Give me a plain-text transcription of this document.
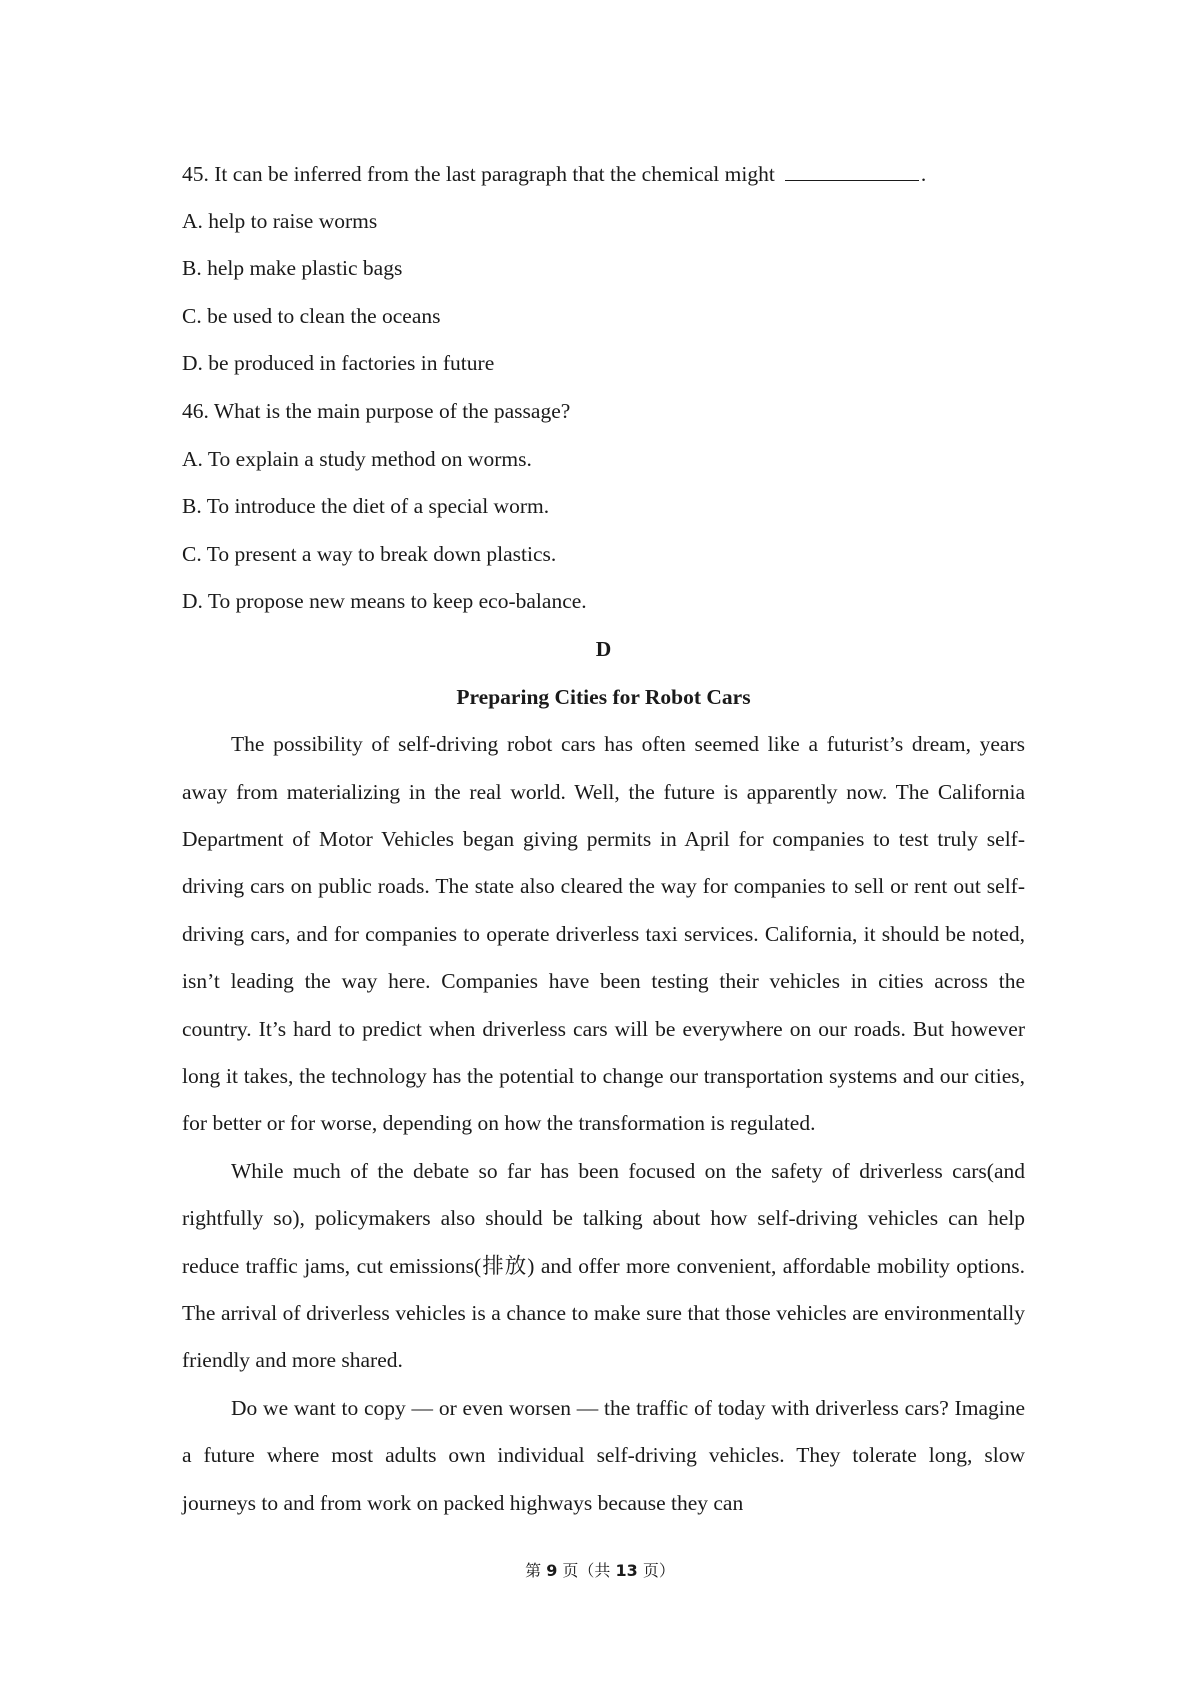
45. It can be inferred from the last paragraph that the chemical might	.
A. help to raise worms
B. help make plastic bags
C. be used to clean the oceans
D. be produced in factories in future
46. What is the main purpose of the passage?
A. To explain a study method on worms.
B. To introduce the diet of a special worm.
C. To present a way to break down plastics.
D. To propose new means to keep eco-balance.
D
Preparing Cities for Robot Cars

The possibility of self-driving robot cars has often seemed like a futurist’s dream, years away from materializing in the real world. Well, the future is apparently now. The California Department of Motor Vehicles began giving permits in April for companies to test truly self-driving cars on public roads. The state also cleared the way for companies to sell or rent out self-driving cars, and for companies to operate driverless taxi services. California, it should be noted, isn’t leading the way here. Companies have been testing their vehicles in cities across the country. It’s hard to predict when driverless cars will be everywhere on our roads. But however long it takes, the technology has the potential to change our transportation systems and our cities, for better or for worse, depending on how the transformation is regulated.

While much of the debate so far has been focused on the safety of driverless cars(and rightfully so), policymakers also should be talking about how self-driving vehicles can help reduce traffic jams, cut emissions(排放) and offer more convenient, affordable mobility options. The arrival of driverless vehicles is a chance to make sure that those vehicles are environmentally friendly and more shared.

Do we want to copy — or even worsen — the traffic of today with driverless cars? Imagine a future where most adults own individual self-driving vehicles. They tolerate long, slow journeys to and from work on packed highways because they can

第 9 页（共 13 页）
